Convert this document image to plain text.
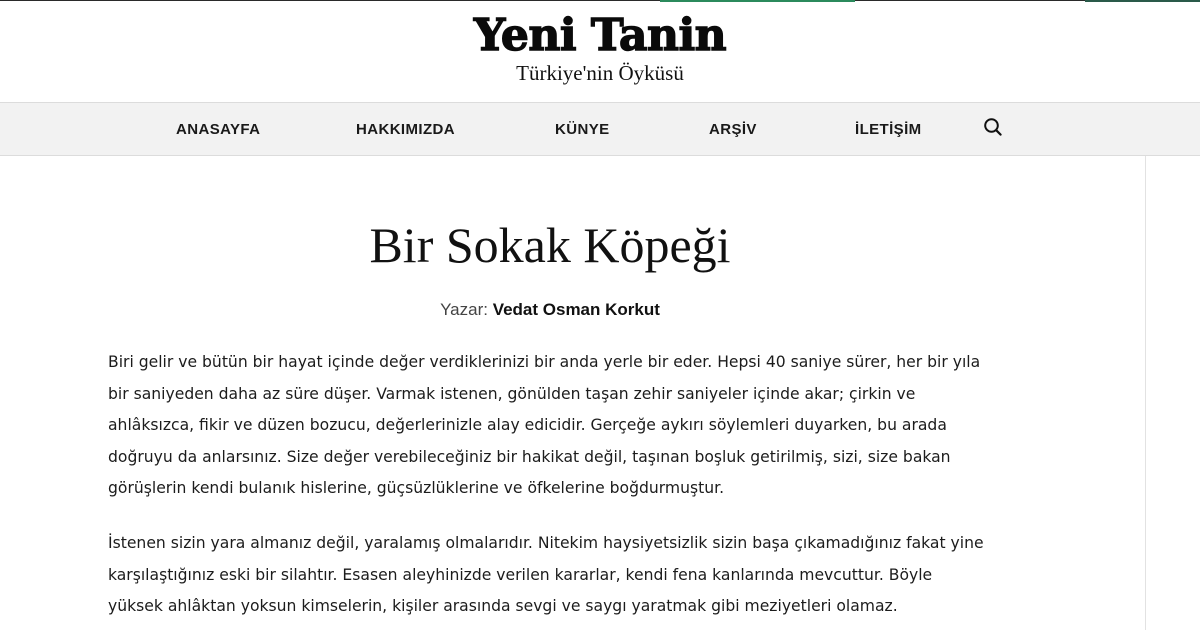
Yeni Tanin
Türkiye'nin Öyküsü
ANASAYFA	HAKKIMIZDA	KÜNYE	ARŞİV	İLETİŞİM
Bir Sokak Köpeği
Yazar: Vedat Osman Korkut

Biri gelir ve bütün bir hayat içinde değer verdiklerinizi bir anda yerle bir eder. Hepsi 40 saniye sürer, her bir yıla bir saniyeden daha az süre düşer. Varmak istenen, gönülden taşan zehir saniyeler içinde akar; çirkin ve ahlâksızca, fikir ve düzen bozucu, değerlerinizle alay edicidir. Gerçeğe aykırı söylemleri duyarken, bu arada doğruyu da anlarsınız. Size değer verebileceğiniz bir hakikat değil, taşınan boşluk getirilmiş, sizi, size bakan görüşlerin kendi bulanık hislerine, güçsüzlüklerine ve öfkelerine boğdurmuştur.

İstenen sizin yara almanız değil, yaralamış olmalarıdır. Nitekim haysiyetsizlik sizin başa çıkamadığınız fakat yine karşılaştığınız eski bir silahtır. Esasen aleyhinizde verilen kararlar, kendi fena kanlarında mevcuttur. Böyle yüksek ahlâktan yoksun kimselerin, kişiler arasında sevgi ve saygı yaratmak gibi meziyetleri olamaz.
